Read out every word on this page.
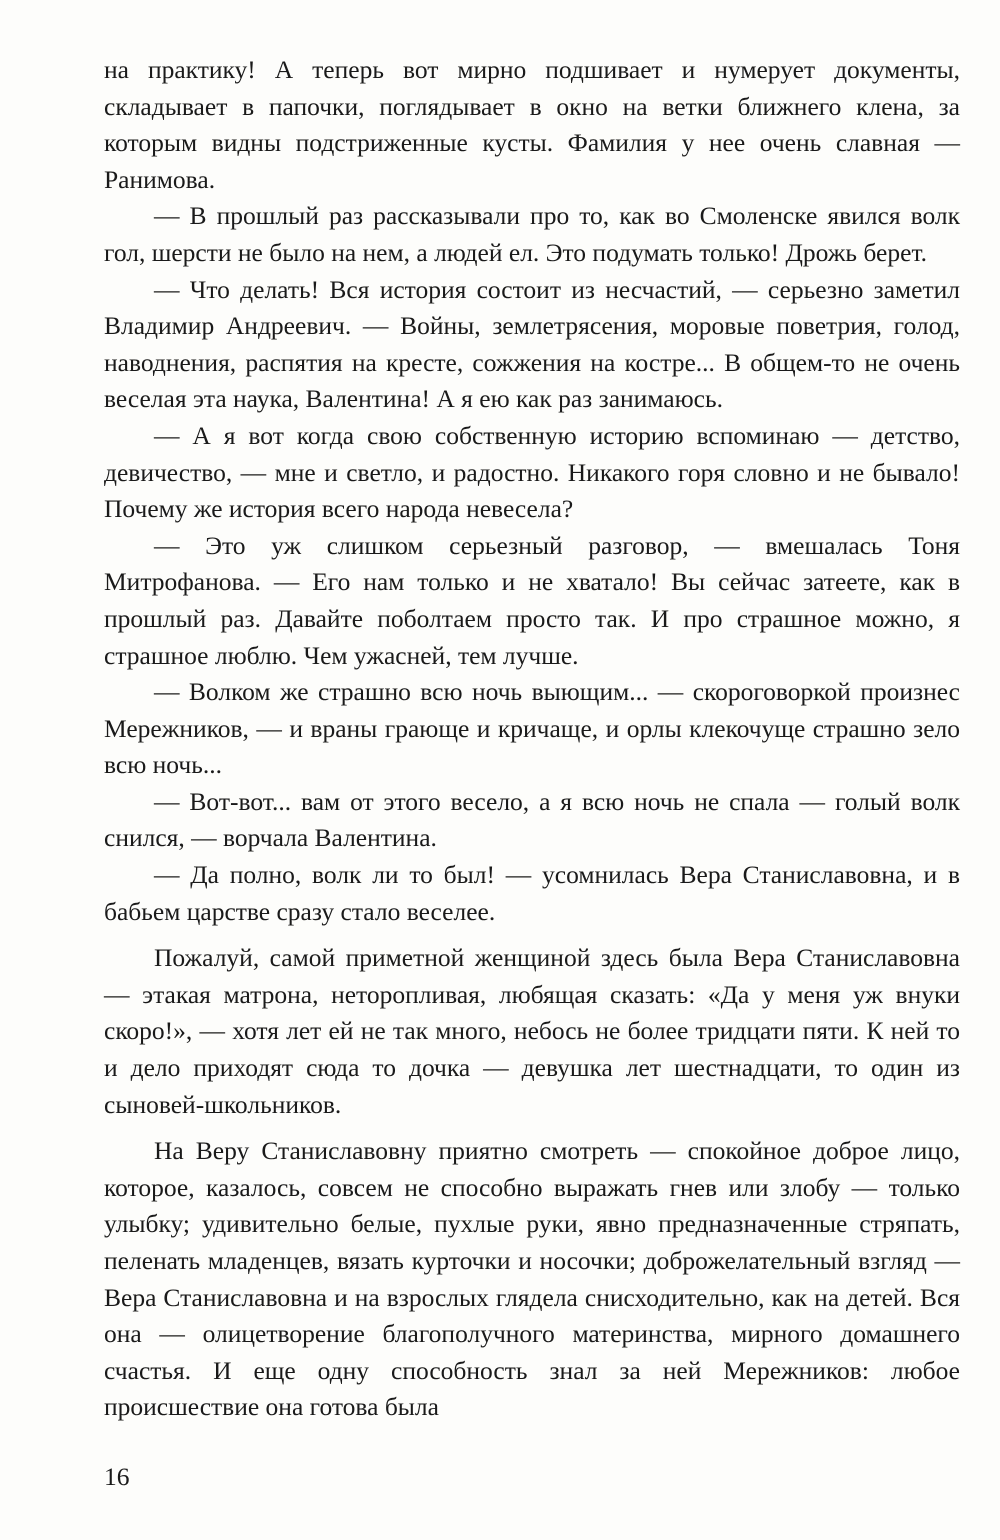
на практику! А теперь вот мирно подшивает и нумерует документы, складывает в папочки, поглядывает в окно на ветки ближнего клена, за которым видны подстриженные кусты. Фамилия у нее очень славная — Ранимова.

— В прошлый раз рассказывали про то, как во Смоленске явился волк гол, шерсти не было на нем, а людей ел. Это подумать только! Дрожь берет.

— Что делать! Вся история состоит из несчастий, — серьезно заметил Владимир Андреевич. — Войны, землетрясения, моровые поветрия, голод, наводнения, распятия на кресте, сожжения на костре... В общем-то не очень веселая эта наука, Валентина! А я ею как раз занимаюсь.

— А я вот когда свою собственную историю вспоминаю — детство, девичество, — мне и светло, и радостно. Никакого горя словно и не бывало! Почему же история всего народа невесела?

— Это уж слишком серьезный разговор, — вмешалась Тоня Митрофанова. — Его нам только и не хватало! Вы сейчас затеете, как в прошлый раз. Давайте поболтаем просто так. И про страшное можно, я страшное люблю. Чем ужасней, тем лучше.

— Волком же страшно всю ночь выющим... — скороговоркой произнес Мережников, — и враны грающе и кричаще, и орлы клекочуще страшно зело всю ночь...

— Вот-вот... вам от этого весело, а я всю ночь не спала — голый волк снился, — ворчала Валентина.

— Да полно, волк ли то был! — усомнилась Вера Станиславовна, и в бабьем царстве сразу стало веселее.

Пожалуй, самой приметной женщиной здесь была Вера Станиславовна — этакая матрона, неторопливая, любящая сказать: «Да у меня уж внуки скоро!», — хотя лет ей не так много, небось не более тридцати пяти. К ней то и дело приходят сюда то дочка — девушка лет шестнадцати, то один из сыновей-школьников.

На Веру Станиславовну приятно смотреть — спокойное доброе лицо, которое, казалось, совсем не способно выражать гнев или злобу — только улыбку; удивительно белые, пухлые руки, явно предназначенные стряпать, пеленать младенцев, вязать курточки и носочки; доброжелательный взгляд — Вера Станиславовна и на взрослых глядела снисходительно, как на детей. Вся она — олицетворение благополучного материнства, мирного домашнего счастья. И еще одну способность знал за ней Мережников: любое происшествие она готова была

16
